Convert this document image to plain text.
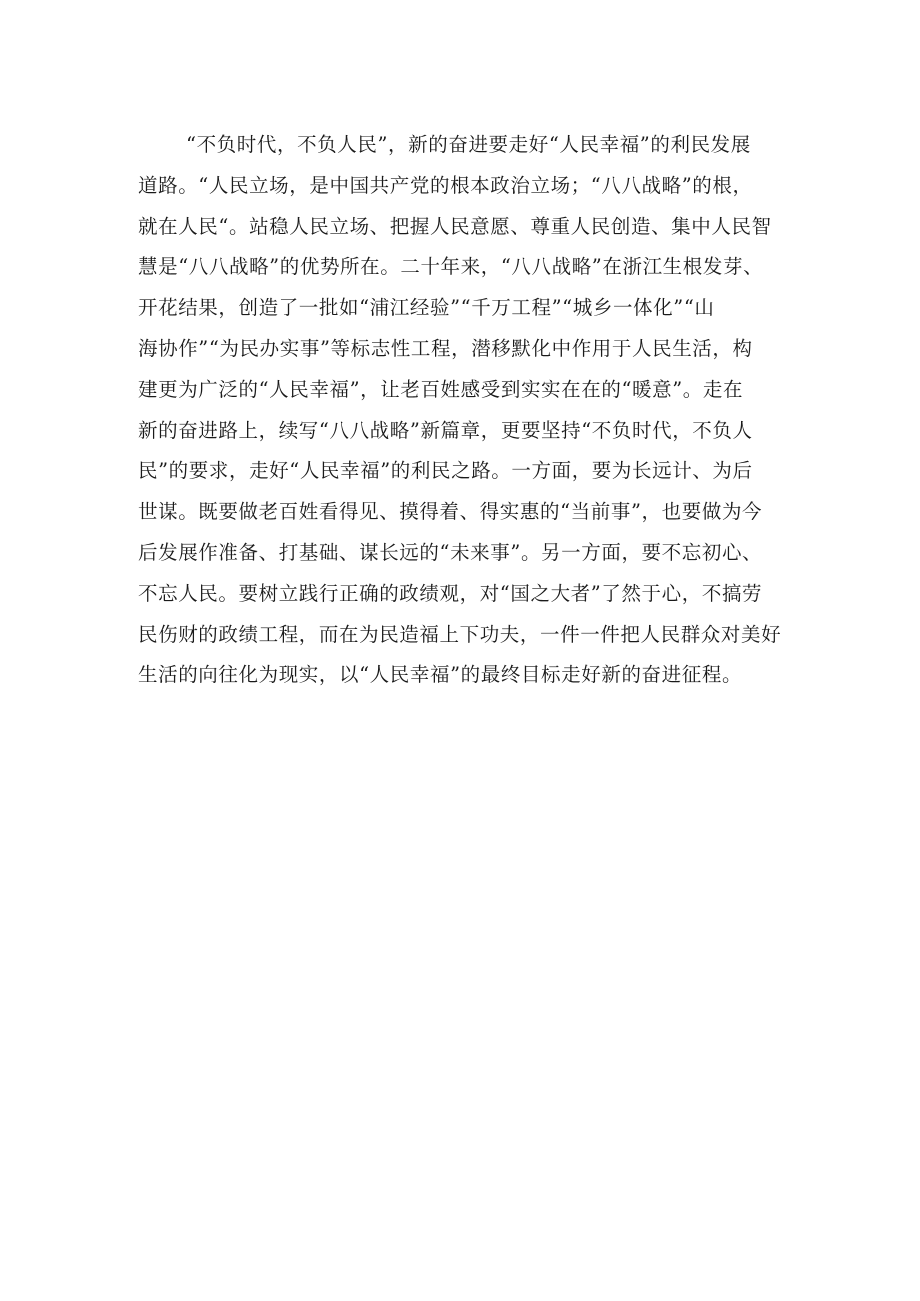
“不负时代，不负人民”，新的奋进要走好“人民幸福”的利民发展
道路。“人民立场，是中国共产党的根本政治立场；“八八战略”的根，
就在人民“。站稳人民立场、把握人民意愿、尊重人民创造、集中人民智
慧是“八八战略”的优势所在。二十年来，“八八战略”在浙江生根发芽、
开花结果，创造了一批如“浦江经验”“千万工程”“城乡一体化”“山
海协作”“为民办实事”等标志性工程，潜移默化中作用于人民生活，构
建更为广泛的“人民幸福”，让老百姓感受到实实在在的“暖意”。走在
新的奋进路上，续写“八八战略”新篇章，更要坚持“不负时代，不负人
民”的要求，走好“人民幸福”的利民之路。一方面，要为长远计、为后
世谋。既要做老百姓看得见、摸得着、得实惠的“当前事”，也要做为今
后发展作准备、打基础、谋长远的“未来事”。另一方面，要不忘初心、
不忘人民。要树立践行正确的政绩观，对“国之大者”了然于心，不搞劳
民伤财的政绩工程，而在为民造福上下功夫，一件一件把人民群众对美好
生活的向往化为现实，以“人民幸福”的最终目标走好新的奋进征程。
